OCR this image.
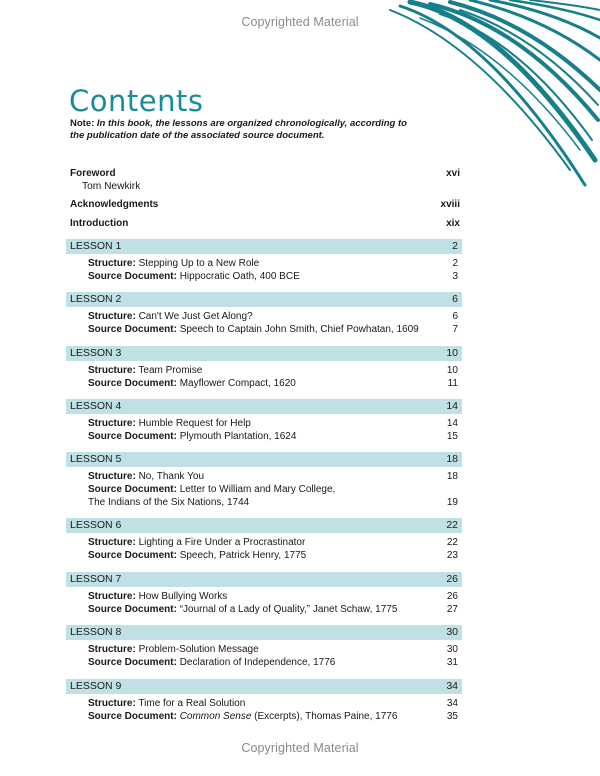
Copyrighted Material
Contents
Note: In this book, the lessons are organized chronologically, according to the publication date of the associated source document.
Foreword	xvi
Tom Newkirk
Acknowledgments	xviii
Introduction	xix
LESSON 1	2
Structure: Stepping Up to a New Role	2
Source Document: Hippocratic Oath, 400 BCE	3
LESSON 2	6
Structure: Can't We Just Get Along?	6
Source Document: Speech to Captain John Smith, Chief Powhatan, 1609	7
LESSON 3	10
Structure: Team Promise	10
Source Document: Mayflower Compact, 1620	11
LESSON 4	14
Structure: Humble Request for Help	14
Source Document: Plymouth Plantation, 1624	15
LESSON 5	18
Structure: No, Thank You	18
Source Document: Letter to William and Mary College,
The Indians of the Six Nations, 1744	19
LESSON 6	22
Structure: Lighting a Fire Under a Procrastinator	22
Source Document: Speech, Patrick Henry, 1775	23
LESSON 7	26
Structure: How Bullying Works	26
Source Document: “Journal of a Lady of Quality,” Janet Schaw, 1775	27
LESSON 8	30
Structure: Problem-Solution Message	30
Source Document: Declaration of Independence, 1776	31
LESSON 9	34
Structure: Time for a Real Solution	34
Source Document: Common Sense (Excerpts), Thomas Paine, 1776	35
Copyrighted Material
